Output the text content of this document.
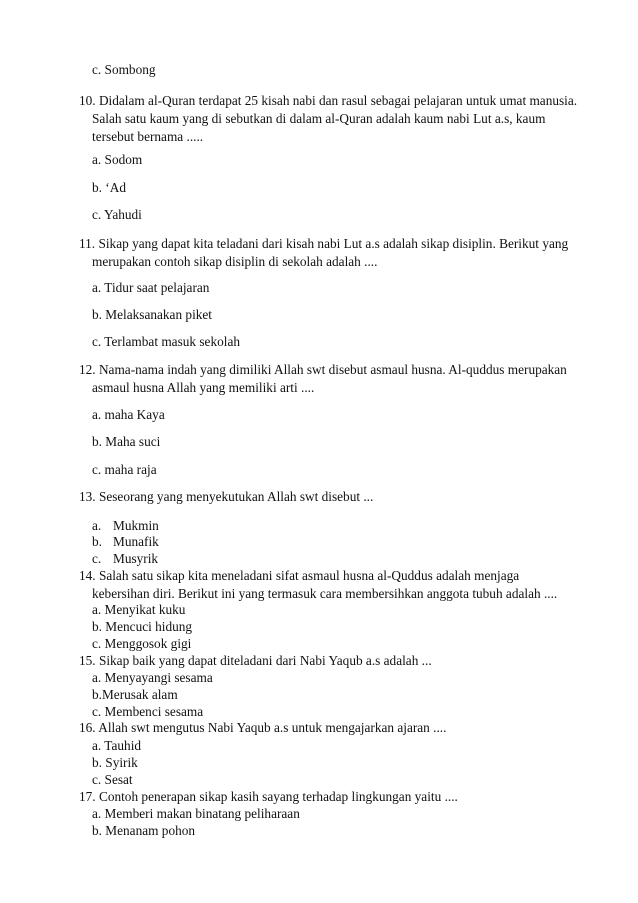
c. Sombong
10. Didalam al-Quran terdapat 25 kisah nabi dan rasul sebagai pelajaran untuk umat manusia.
Salah satu kaum yang di sebutkan di dalam al-Quran adalah kaum nabi Lut a.s, kaum
tersebut bernama .....
a. Sodom
b. ‘Ad
c. Yahudi
11. Sikap yang dapat kita teladani dari kisah nabi Lut a.s adalah sikap disiplin. Berikut yang
merupakan contoh sikap disiplin di sekolah adalah ....
a. Tidur saat pelajaran
b. Melaksanakan piket
c. Terlambat masuk sekolah
12. Nama-nama indah yang dimiliki Allah swt disebut asmaul husna. Al-quddus merupakan
asmaul husna Allah yang memiliki arti ....
a. maha Kaya
b. Maha suci
c. maha raja
13. Seseorang yang menyekutukan Allah swt disebut ...
a. Mukmin
b. Munafik
c. Musyrik
14. Salah satu sikap kita meneladani sifat asmaul husna al-Quddus adalah menjaga
kebersihan diri. Berikut ini yang termasuk cara membersihkan anggota tubuh adalah ....
a. Menyikat kuku
b. Mencuci hidung
c. Menggosok gigi
15. Sikap baik yang dapat diteladani dari Nabi Yaqub a.s adalah ...
a. Menyayangi sesama
b.Merusak alam
c. Membenci sesama
16. Allah swt mengutus Nabi Yaqub a.s untuk mengajarkan ajaran ....
a. Tauhid
b. Syirik
c. Sesat
17. Contoh penerapan sikap kasih sayang terhadap lingkungan yaitu ....
a. Memberi makan binatang peliharaan
b. Menanam pohon
